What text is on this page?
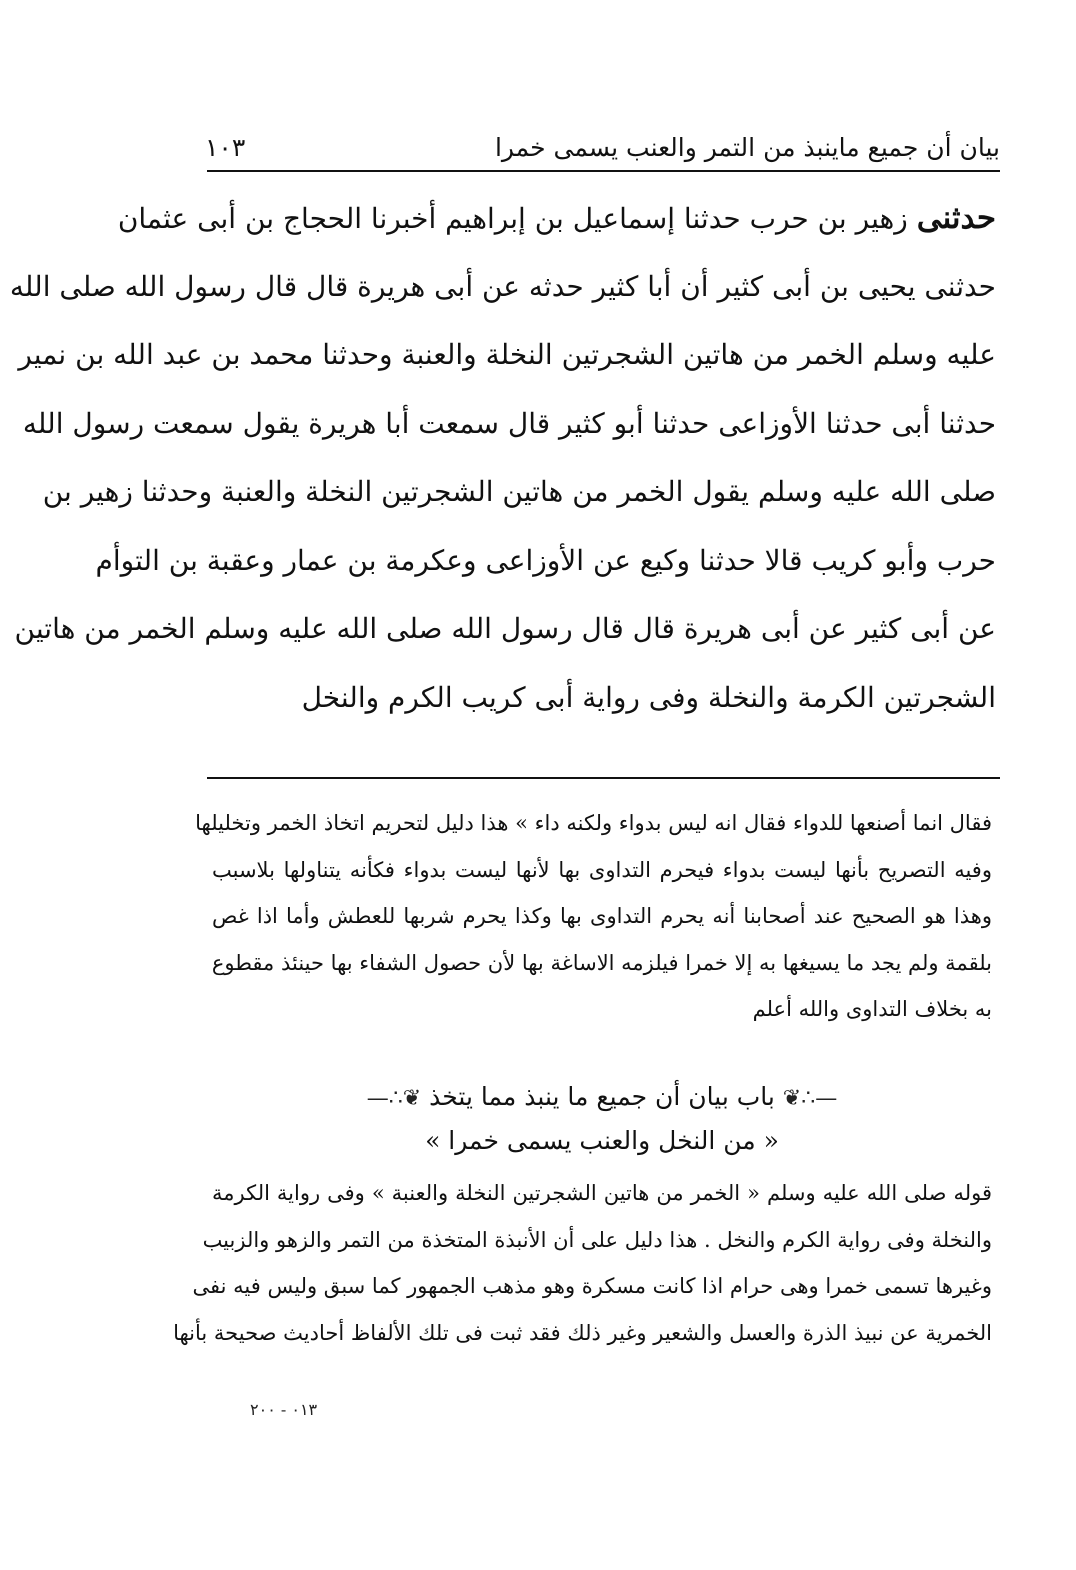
بيان أن جميع ماينبذ من التمر والعنب يسمى خمرا
١٠٣
حدثنى زهير بن حرب حدثنا إسماعيل بن إبراهيم أخبرنا الحجاج بن أبى عثمان
حدثنى يحيى بن أبى كثير أن أبا كثير حدثه عن أبى هريرة قال قال رسول الله صلى الله
عليه وسلم الخمر من هاتين الشجرتين النخلة والعنبة وحدثنا محمد بن عبد الله بن نمير
حدثنا أبى حدثنا الأوزاعى حدثنا أبو كثير قال سمعت أبا هريرة يقول سمعت رسول الله
صلى الله عليه وسلم يقول الخمر من هاتين الشجرتين النخلة والعنبة وحدثنا زهير بن
حرب وأبو كريب قالا حدثنا وكيع عن الأوزاعى وعكرمة بن عمار وعقبة بن التوأم
عن أبى كثير عن أبى هريرة قال قال رسول الله صلى الله عليه وسلم الخمر من هاتين
الشجرتين الكرمة والنخلة وفى رواية أبى كريب الكرم والنخل
فقال انما أصنعها للدواء فقال انه ليس بدواء ولكنه داء » هذا دليل لتحريم اتخاذ الخمر وتخليلها
وفيه التصريح بأنها ليست بدواء فيحرم التداوى بها لأنها ليست بدواء فكأنه يتناولها بلاسبب
وهذا هو الصحيح عند أصحابنا أنه يحرم التداوى بها وكذا يحرم شربها للعطش وأما اذا غص
بلقمة ولم يجد ما يسيغها به إلا خمرا فيلزمه الاساغة بها لأن حصول الشفاء بها حينئذ مقطوع
به بخلاف التداوى والله أعلم
—∴❦ باب بيان أن جميع ما ينبذ مما يتخذ ❦∴—
« من النخل والعنب يسمى خمرا »
قوله صلى الله عليه وسلم « الخمر من هاتين الشجرتين النخلة والعنبة » وفى رواية الكرمة
والنخلة وفى رواية الكرم والنخل . هذا دليل على أن الأنبذة المتخذة من التمر والزهو والزبيب
وغيرها تسمى خمرا وهى حرام اذا كانت مسكرة وهو مذهب الجمهور كما سبق وليس فيه نفى
الخمرية عن نبيذ الذرة والعسل والشعير وغير ذلك فقد ثبت فى تلك الألفاظ أحاديث صحيحة بأنها
٠١٣ - ٢٠٠
